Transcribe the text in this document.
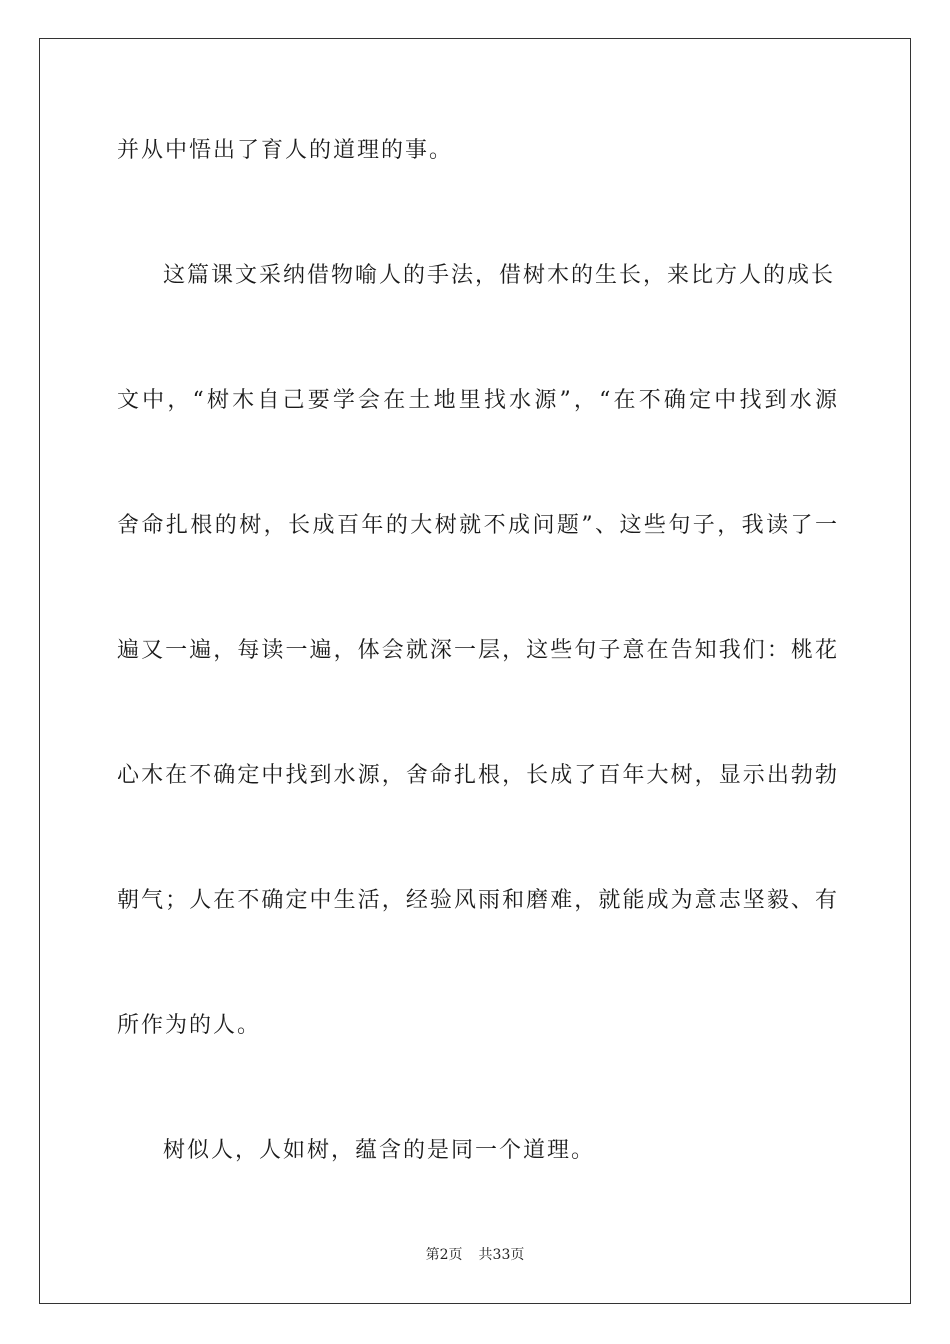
并从中悟出了育人的道理的事。
这篇课文采纳借物喻人的手法，借树木的生长，来比方人的成长
文中，“树木自己要学会在土地里找水源”，“在不确定中找到水源
舍命扎根的树，长成百年的大树就不成问题”、这些句子，我读了一
遍又一遍，每读一遍，体会就深一层，这些句子意在告知我们：桃花
心木在不确定中找到水源，舍命扎根，长成了百年大树，显示出勃勃
朝气；人在不确定中生活，经验风雨和磨难，就能成为意志坚毅、有
所作为的人。
树似人，人如树，蕴含的是同一个道理。
第2页 共33页
